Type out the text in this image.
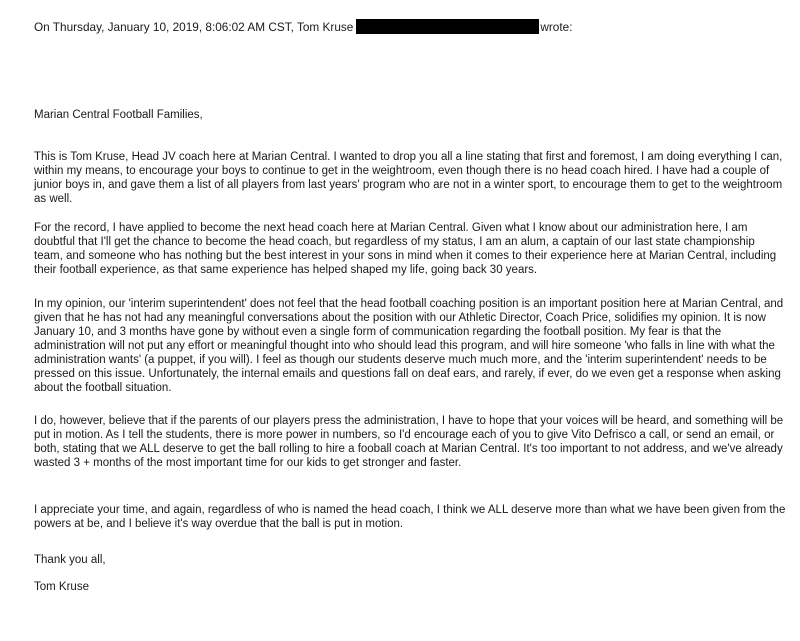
On Thursday, January 10, 2019, 8:06:02 AM CST, Tom Kruse	wrote:
Marian Central Football Families,

This is Tom Kruse, Head JV coach here at Marian Central. I wanted to drop you all a line stating that first and foremost, I am doing everything I can, within my means, to encourage your boys to continue to get in the weightroom, even though there is no head coach hired. I have had a couple of junior boys in, and gave them a list of all players from last years' program who are not in a winter sport, to encourage them to get to the weightroom as well.

For the record, I have applied to become the next head coach here at Marian Central. Given what I know about our administration here, I am doubtful that I'll get the chance to become the head coach, but regardless of my status, I am an alum, a captain of our last state championship team, and someone who has nothing but the best interest in your sons in mind when it comes to their experience here at Marian Central, including their football experience, as that same experience has helped shaped my life, going back 30 years.

In my opinion, our 'interim superintendent' does not feel that the head football coaching position is an important position here at Marian Central, and given that he has not had any meaningful conversations about the position with our Athletic Director, Coach Price, solidifies my opinion. It is now January 10, and 3 months have gone by without even a single form of communication regarding the football position. My fear is that the administration will not put any effort or meaningful thought into who should lead this program, and will hire someone 'who falls in line with what the administration wants' (a puppet, if you will). I feel as though our students deserve much much more, and the 'interim superintendent' needs to be pressed on this issue. Unfortunately, the internal emails and questions fall on deaf ears, and rarely, if ever, do we even get a response when asking about the football situation.

I do, however, believe that if the parents of our players press the administration, I have to hope that your voices will be heard, and something will be put in motion. As I tell the students, there is more power in numbers, so I'd encourage each of you to give Vito Defrisco a call, or send an email, or both, stating that we ALL deserve to get the ball rolling to hire a fooball coach at Marian Central. It's too important to not address, and we've already wasted 3 + months of the most important time for our kids to get stronger and faster.

I appreciate your time, and again, regardless of who is named the head coach, I think we ALL deserve more than what we have been given from the powers at be, and I believe it's way overdue that the ball is put in motion.

Thank you all,
Tom Kruse
